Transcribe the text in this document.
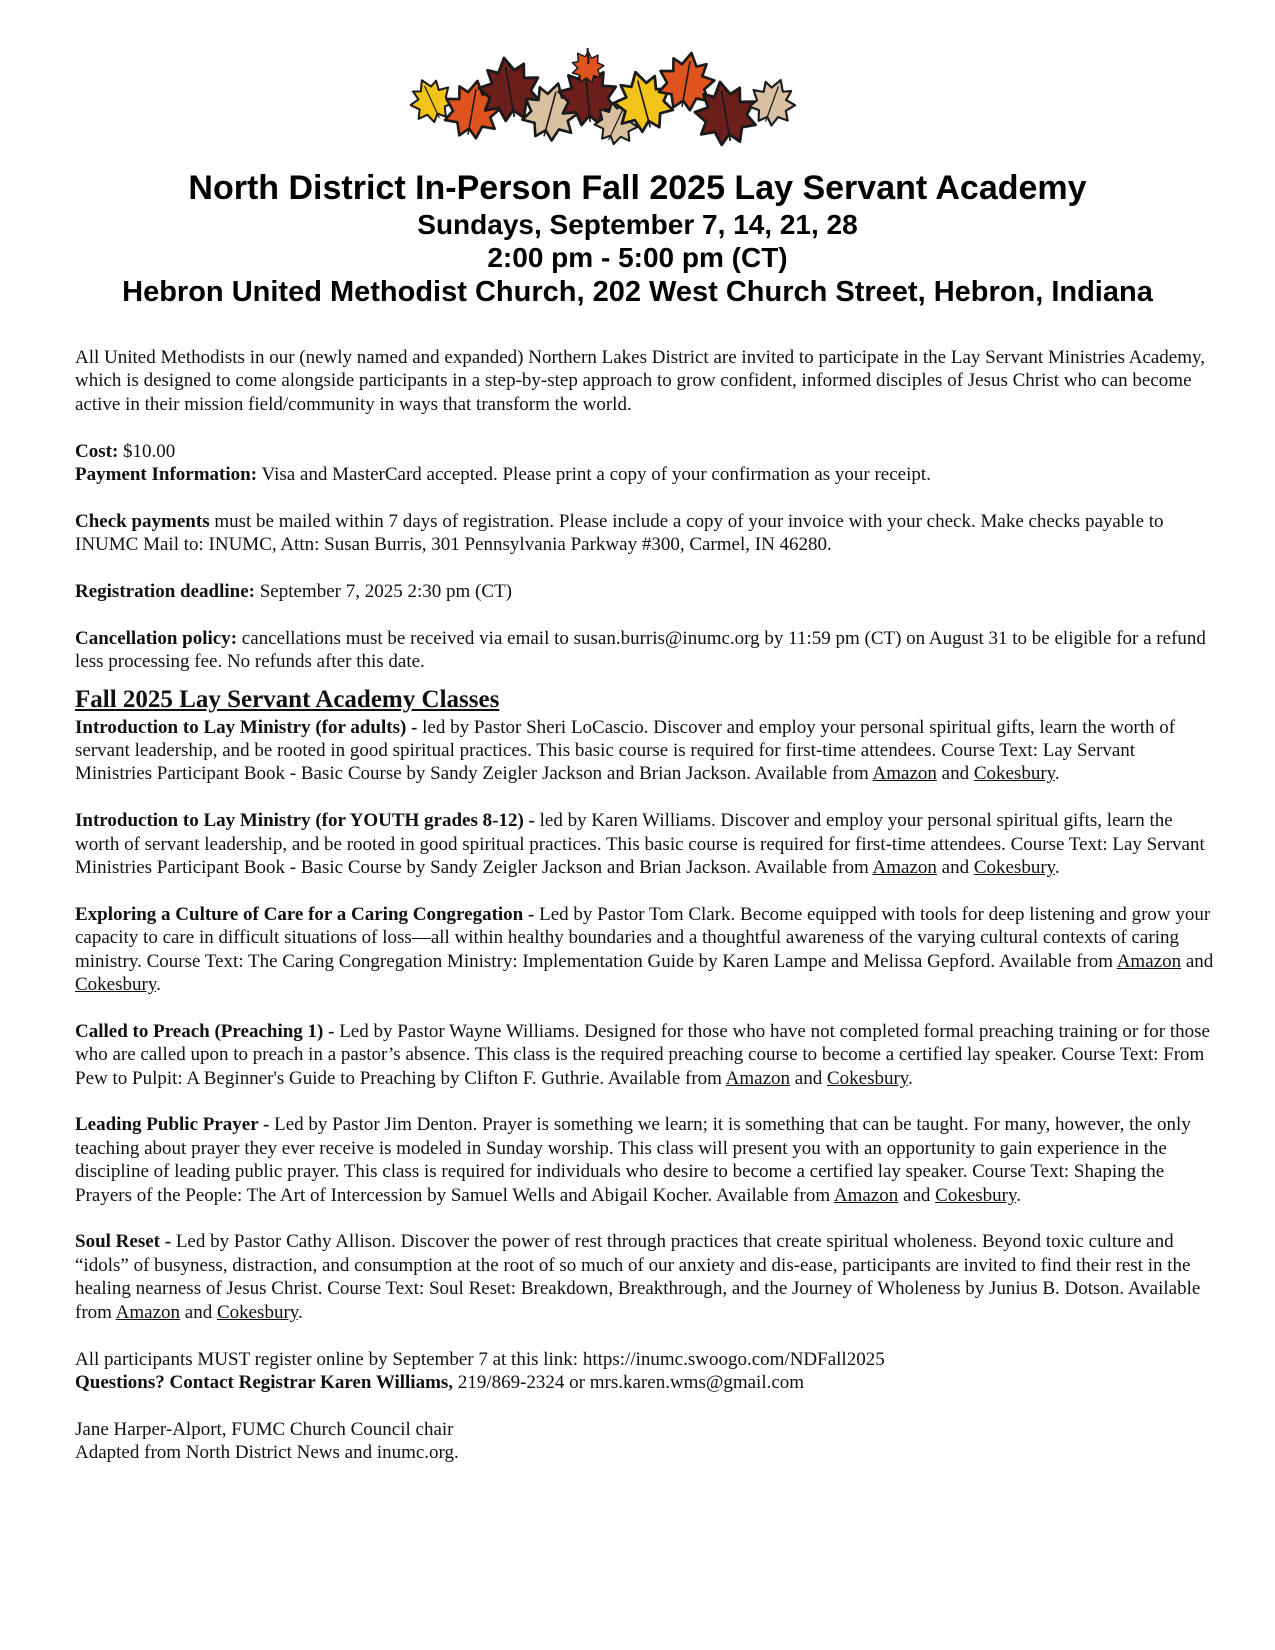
North District In-Person Fall 2025 Lay Servant Academy

Sundays, September 7, 14, 21, 28

2:00 pm - 5:00 pm (CT)

Hebron United Methodist Church, 202 West Church Street, Hebron, Indiana

All United Methodists in our (newly named and expanded) Northern Lakes District are invited to participate in the Lay Servant Ministries Academy, which is designed to come alongside participants in a step-by-step approach to grow confident, informed disciples of Jesus Christ who can become active in their mission field/community in ways that transform the world.

Cost: $10.00

Payment Information: Visa and MasterCard accepted. Please print a copy of your confirmation as your receipt.

Check payments must be mailed within 7 days of registration. Please include a copy of your invoice with your check. Make checks payable to INUMC Mail to: INUMC, Attn: Susan Burris, 301 Pennsylvania Parkway #300, Carmel, IN 46280.

Registration deadline: September 7, 2025 2:30 pm (CT)

Cancellation policy: cancellations must be received via email to susan.burris@inumc.org by 11:59 pm (CT) on August 31 to be eligible for a refund less processing fee. No refunds after this date.

Fall 2025 Lay Servant Academy Classes

Introduction to Lay Ministry (for adults) - led by Pastor Sheri LoCascio. Discover and employ your personal spiritual gifts, learn the worth of servant leadership, and be rooted in good spiritual practices. This basic course is required for first-time attendees. Course Text: Lay Servant Ministries Participant Book - Basic Course by Sandy Zeigler Jackson and Brian Jackson. Available from Amazon and Cokesbury.

Introduction to Lay Ministry (for YOUTH grades 8-12) - led by Karen Williams. Discover and employ your personal spiritual gifts, learn the worth of servant leadership, and be rooted in good spiritual practices. This basic course is required for first-time attendees. Course Text: Lay Servant Ministries Participant Book - Basic Course by Sandy Zeigler Jackson and Brian Jackson. Available from Amazon and Cokesbury.

Exploring a Culture of Care for a Caring Congregation - Led by Pastor Tom Clark. Become equipped with tools for deep listening and grow your capacity to care in difficult situations of loss—all within healthy boundaries and a thoughtful awareness of the varying cultural contexts of caring ministry. Course Text: The Caring Congregation Ministry: Implementation Guide by Karen Lampe and Melissa Gepford. Available from Amazon and Cokesbury.

Called to Preach (Preaching 1) - Led by Pastor Wayne Williams. Designed for those who have not completed formal preaching training or for those who are called upon to preach in a pastor’s absence. This class is the required preaching course to become a certified lay speaker. Course Text: From Pew to Pulpit: A Beginner's Guide to Preaching by Clifton F. Guthrie. Available from Amazon and Cokesbury.

Leading Public Prayer - Led by Pastor Jim Denton. Prayer is something we learn; it is something that can be taught. For many, however, the only teaching about prayer they ever receive is modeled in Sunday worship. This class will present you with an opportunity to gain experience in the discipline of leading public prayer. This class is required for individuals who desire to become a certified lay speaker. Course Text: Shaping the Prayers of the People: The Art of Intercession by Samuel Wells and Abigail Kocher. Available from Amazon and Cokesbury.

Soul Reset - Led by Pastor Cathy Allison. Discover the power of rest through practices that create spiritual wholeness. Beyond toxic culture and “idols” of busyness, distraction, and consumption at the root of so much of our anxiety and dis-ease, participants are invited to find their rest in the healing nearness of Jesus Christ. Course Text: Soul Reset: Breakdown, Breakthrough, and the Journey of Wholeness by Junius B. Dotson. Available from Amazon and Cokesbury.

All participants MUST register online by September 7 at this link: https://inumc.swoogo.com/NDFall2025

Questions? Contact Registrar Karen Williams, 219/869-2324 or mrs.karen.wms@gmail.com

Jane Harper-Alport, FUMC Church Council chair

Adapted from North District News and inumc.org.
